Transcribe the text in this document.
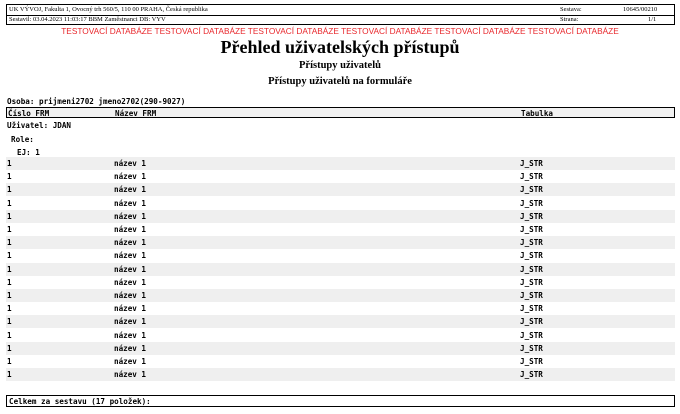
UK VÝVOJ, Fakulta 1, Ovocný trh 560/5, 110 00 PRAHA, Česká republika
Sestavil: 03.04.2023 11:03:17 BBM Zaměstnanci DB: VYV
Sestava:	10645/00210
Strana:	1/1
TESTOVACÍ DATABÁZE TESTOVACÍ DATABÁZE TESTOVACÍ DATABÁZE TESTOVACÍ DATABÁZE TESTOVACÍ DATABÁZE TESTOVACÍ DATABÁZE
Přehled uživatelských přístupů
Přístupy uživatelů
Přístupy uživatelů na formuláře
Osoba: prijmeni2702 jmeno2702(290-9027)
Číslo FRM	Název FRM	Tabulka
Uživatel: JDAN
Role:
EJ: 1
1	název 1	J_STR
1	název 1	J_STR
1	název 1	J_STR
1	název 1	J_STR
1	název 1	J_STR
1	název 1	J_STR
1	název 1	J_STR
1	název 1	J_STR
1	název 1	J_STR
1	název 1	J_STR
1	název 1	J_STR
1	název 1	J_STR
1	název 1	J_STR
1	název 1	J_STR
1	název 1	J_STR
1	název 1	J_STR
1	název 1	J_STR
Celkem za sestavu (17 položek):
